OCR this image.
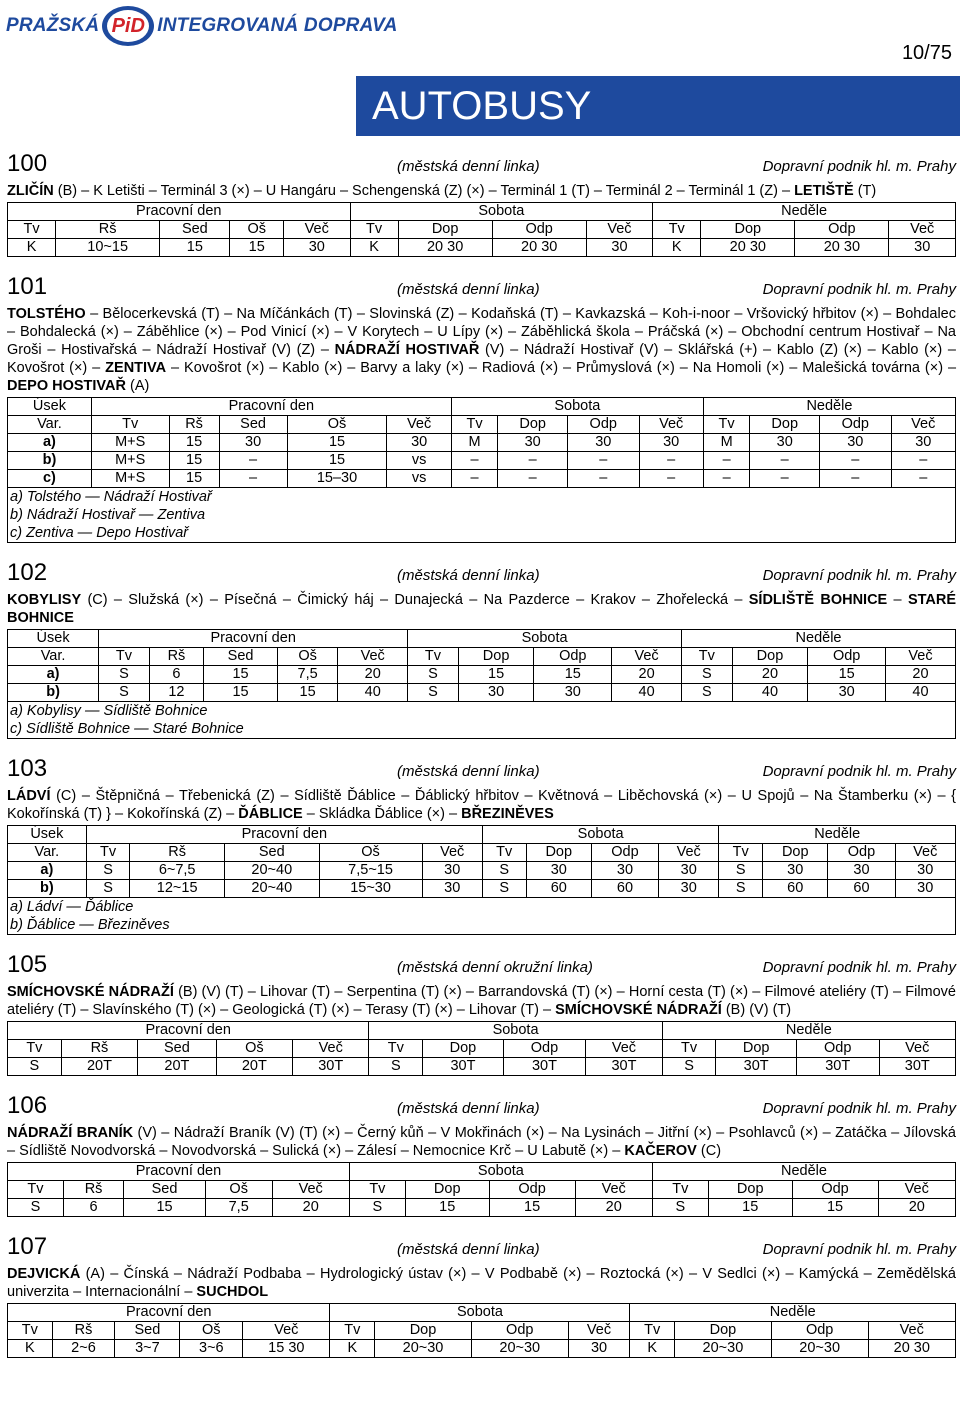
PRAŽSKÁ PiD INTEGROVANÁ DOPRAVA
10/75
AUTOBUSY
100	(městská denní linka)	Dopravní podnik hl. m. Prahy
ZLIČÍN (B) – K Letišti – Terminál 3 (×) – U Hangáru – Schengenská (Z) (×) – Terminál 1 (T) – Terminál 2 – Terminál 1 (Z) – LETIŠTĚ (T)
Pracovní den					Sobota				Neděle			
Tv	Rš	Sed	Oš	Več	Tv	Dop	Odp	Več	Tv	Dop	Odp	Več
K	10~15	15	15	30	K	20 30	20 30	30	K	20 30	20 30	30
101	(městská denní linka)	Dopravní podnik hl. m. Prahy
TOLSTÉHO – Bělocerkevská (T) – Na Míčánkách (T) – Slovinská (Z) – Kodaňská (T) – Kavkazská – Koh-i-noor – Vršovický hřbitov (×) – Bohdalec – Bohdalecká (×) – Záběhlice (×) – Pod Vinicí (×) – V Korytech – U Lípy (×) – Záběhlická škola – Práčská (×) – Obchodní centrum Hostivař – Na Groši – Hostivařská – Nádraží Hostivař (V) (Z) – NÁDRAŽÍ HOSTIVAŘ (V) – Nádraží Hostivař (V) – Sklářská (+) – Kablo (Z) (×) – Kablo (×) – Kovošrot (×) – ZENTIVA – Kovošrot (×) – Kablo (×) – Barvy a laky (×) – Radiová (×) – Průmyslová (×) – Na Homoli (×) – Malešická továrna (×) – DEPO HOSTIVAŘ (A)
Úsek	Pracovní den					Sobota				Neděle			
Var.	Tv	Rš	Sed	Oš	Več	Tv	Dop	Odp	Več	Tv	Dop	Odp	Več
a)	M+S	15	30	15	30	M	30	30	30	M	30	30	30
b)	M+S	15	–	15	vs	–	–	–	–	–	–	–	–
c)	M+S	15	–	15–30	vs	–	–	–	–	–	–	–	–

a) Tolstého — Nádraží Hostivař
b) Nádraží Hostivař — Zentiva
c) Zentiva — Depo Hostivař													
102	(městská denní linka)	Dopravní podnik hl. m. Prahy
KOBYLISY (C) – Služská (×) – Písečná – Čimický háj – Dunajecká – Na Pazderce – Krakov – Zhořelecká – SÍDLIŠTĚ BOHNICE – STARÉ BOHNICE
Úsek	Pracovní den					Sobota				Neděle			
Var.	Tv	Rš	Sed	Oš	Več	Tv	Dop	Odp	Več	Tv	Dop	Odp	Več
a)	S	6	15	7,5	20	S	15	15	20	S	20	15	20
b)	S	12	15	15	40	S	30	30	40	S	40	30	40

a) Kobylisy — Sídliště Bohnice
c) Sídliště Bohnice — Staré Bohnice													
103	(městská denní linka)	Dopravní podnik hl. m. Prahy
LÁDVÍ (C) – Štěpničná – Třebenická (Z) – Sídliště Ďáblice – Ďáblický hřbitov – Květnová – Liběchovská (×) – U Spojů – Na Štamberku (×) – { Kokořínská (T) } – Kokořínská (Z) – ĎÁBLICE – Skládka Ďáblice (×) – BŘEZINĚVES
Úsek	Pracovní den					Sobota				Neděle			
Var.	Tv	Rš	Sed	Oš	Več	Tv	Dop	Odp	Več	Tv	Dop	Odp	Več
a)	S	6~7,5	20~40	7,5~15	30	S	30	30	30	S	30	30	30
b)	S	12~15	20~40	15~30	30	S	60	60	30	S	60	60	30

a) Ládví — Ďáblice
b) Ďáblice — Březiněves													
105	(městská denní okružní linka)	Dopravní podnik hl. m. Prahy
SMÍCHOVSKÉ NÁDRAŽÍ (B) (V) (T) – Lihovar (T) – Serpentina (T) (×) – Barrandovská (T) (×) – Horní cesta (T) (×) – Filmové ateliéry (T) – Filmové ateliéry (T) – Slavínského (T) (×) – Geologická (T) (×) – Terasy (T) (×) – Lihovar (T) – SMÍCHOVSKÉ NÁDRAŽÍ (B) (V) (T)
Pracovní den					Sobota				Neděle			
Tv	Rš	Sed	Oš	Več	Tv	Dop	Odp	Več	Tv	Dop	Odp	Več
S	20T	20T	20T	30T	S	30T	30T	30T	S	30T	30T	30T
106	(městská denní linka)	Dopravní podnik hl. m. Prahy
NÁDRAŽÍ BRANÍK (V) – Nádraží Braník (V) (T) (×) – Černý kůň – V Mokřinách (×) – Na Lysinách – Jitřní (×) – Psohlavců (×) – Zatáčka – Jílovská – Sídliště Novodvorská – Novodvorská – Sulická (×) – Zálesí – Nemocnice Krč – U Labutě (×) – KAČEROV (C)
Pracovní den					Sobota				Neděle			
Tv	Rš	Sed	Oš	Več	Tv	Dop	Odp	Več	Tv	Dop	Odp	Več
S	6	15	7,5	20	S	15	15	20	S	15	15	20
107	(městská denní linka)	Dopravní podnik hl. m. Prahy
DEJVICKÁ (A) – Čínská – Nádraží Podbaba – Hydrologický ústav (×) – V Podbabě (×) – Roztocká (×) – V Sedlci (×) – Kamýcká – Zemědělská univerzita – Internacionální – SUCHDOL
Pracovní den					Sobota				Neděle			
Tv	Rš	Sed	Oš	Več	Tv	Dop	Odp	Več	Tv	Dop	Odp	Več
K	2~6	3~7	3~6	15 30	K	20~30	20~30	30	K	20~30	20~30	20 30
